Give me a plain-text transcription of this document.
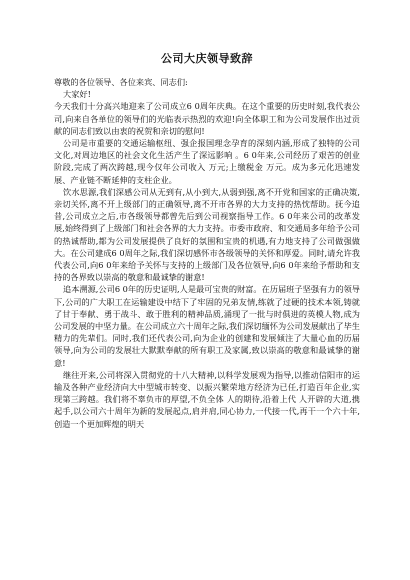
公司大庆领导致辞

尊敬的各位领导、各位来宾、同志们:

大家好!

今天我们十分高兴地迎来了公司成立6 0周年庆典。在这个重要的历史时刻,我代表公司,向来自各单位的领导们的光临表示热烈的欢迎!向全体职工和为公司发展作出过贡献的同志们致以由衷的祝贺和亲切的慰问!

公司是市重要的交通运输枢纽、强企报国理念孕育的深刻内涵,形成了独特的公司文化,对周边地区的社会文化生活产生了深远影响 。6 0年来,公司经历了艰苦的创业阶段,完成了两次跨越,现今仅年公司收入 万元;上缴税金 万元。成为多元化迅速发展、产业链不断延伸的支柱企业。

饮水思源,我们深感公司从无到有,从小到大,从弱到强,离不开党和国家的正确决策,亲切关怀,离不开上级部门的正确领导,离不开市各界的大力支持的热忱帮助。抚今追昔,公司成立之后,市各级领导都曾先后到公司视察指导工作。6 0年来公司的改革发展,始终得到了上级部门和社会各界的大力支持。市委市政府、和交通局多年给予公司的热诚帮助,都为公司发展提供了良好的氛围和宝贵的机遇,有力地支持了公司做强做大。在公司建成6 0周年之际,我们深切感怀市各级领导的关怀和厚爱。同时,请允许我代表公司,向6 0年来给予关怀与支持的上级部门及各位领导,向6 0年来给予帮助和支持的各界致以崇高的敬意和最诚挚的谢意!

追本溯源,公司6 0年的历史证明,人是最可宝贵的财富。在历届班子坚强有力的领导下,公司的广大职工在运输建设中结下了牢固的兄弟友情,练就了过硬的技术本领,铸就了甘于奉献、勇于战斗、敢于胜利的精神品质,涌现了一批与时俱进的英模人物,成为公司发展的中坚力量。在公司成立六十周年之际,我们深切缅怀为公司发展献出了毕生精力的先辈们。同时,我们还代表公司,向为企业的创建和发展倾注了大量心血的历届领导,向为公司的发展壮大默默奉献的所有职工及家属,致以崇高的敬意和最诚挚的谢意!

继往开来,公司将深入贯彻党的十八大精神,以科学发展观为指导,以推动信阳市的运输及各种产业经济向大中型城市转变、以振兴繁荣地方经济为已任,打造百年企业,实现第三跨越。我们将不辜负市的厚望,不负全体 人的期待,沿着上代 人开辟的大道,携起手,以公司六十周年为新的发展起点,肩并肩,同心协力,一代接一代,再干一个六十年,创造一个更加辉煌的明天
